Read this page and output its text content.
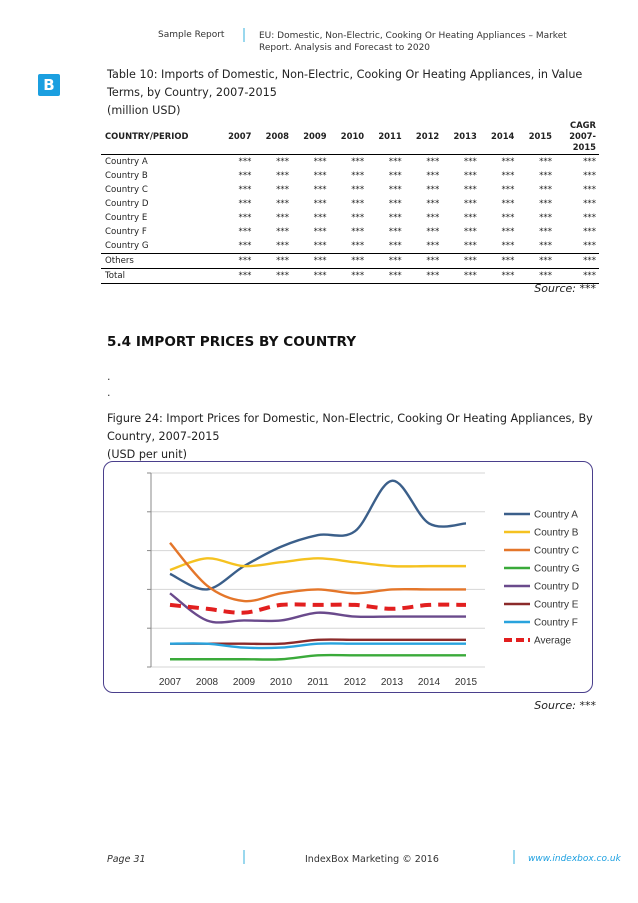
Sample Report	EU: Domestic, Non-Electric, Cooking Or Heating Appliances – Market Report. Analysis and Forecast to 2020
B
Table 10: Imports of Domestic, Non-Electric, Cooking Or Heating Appliances, in Value
Terms, by Country, 2007-2015
(million USD)
COUNTRY/PERIOD	2007	2008	2009	2010	2011	2012	2013	2014	2015	CAGR 2007-2015
Country A	***	***	***	***	***	***	***	***	***	***
Country B	***	***	***	***	***	***	***	***	***	***
Country C	***	***	***	***	***	***	***	***	***	***
Country D	***	***	***	***	***	***	***	***	***	***
Country E	***	***	***	***	***	***	***	***	***	***
Country F	***	***	***	***	***	***	***	***	***	***
Country G	***	***	***	***	***	***	***	***	***	***
Others	***	***	***	***	***	***	***	***	***	***
Total	***	***	***	***	***	***	***	***	***	***
Source: ***
5.4 IMPORT PRICES BY COUNTRY
.
.
Figure 24: Import Prices for Domestic, Non-Electric, Cooking Or Heating Appliances, By
Country, 2007-2015
(USD per unit)
2007 2008 2009 2010 2011 2012 2013 2014 2015
Country A
Country B
Country C
Country G
Country D
Country E
Country F
Average
Source: ***
Page 31	IndexBox Marketing © 2016	www.indexbox.co.uk
